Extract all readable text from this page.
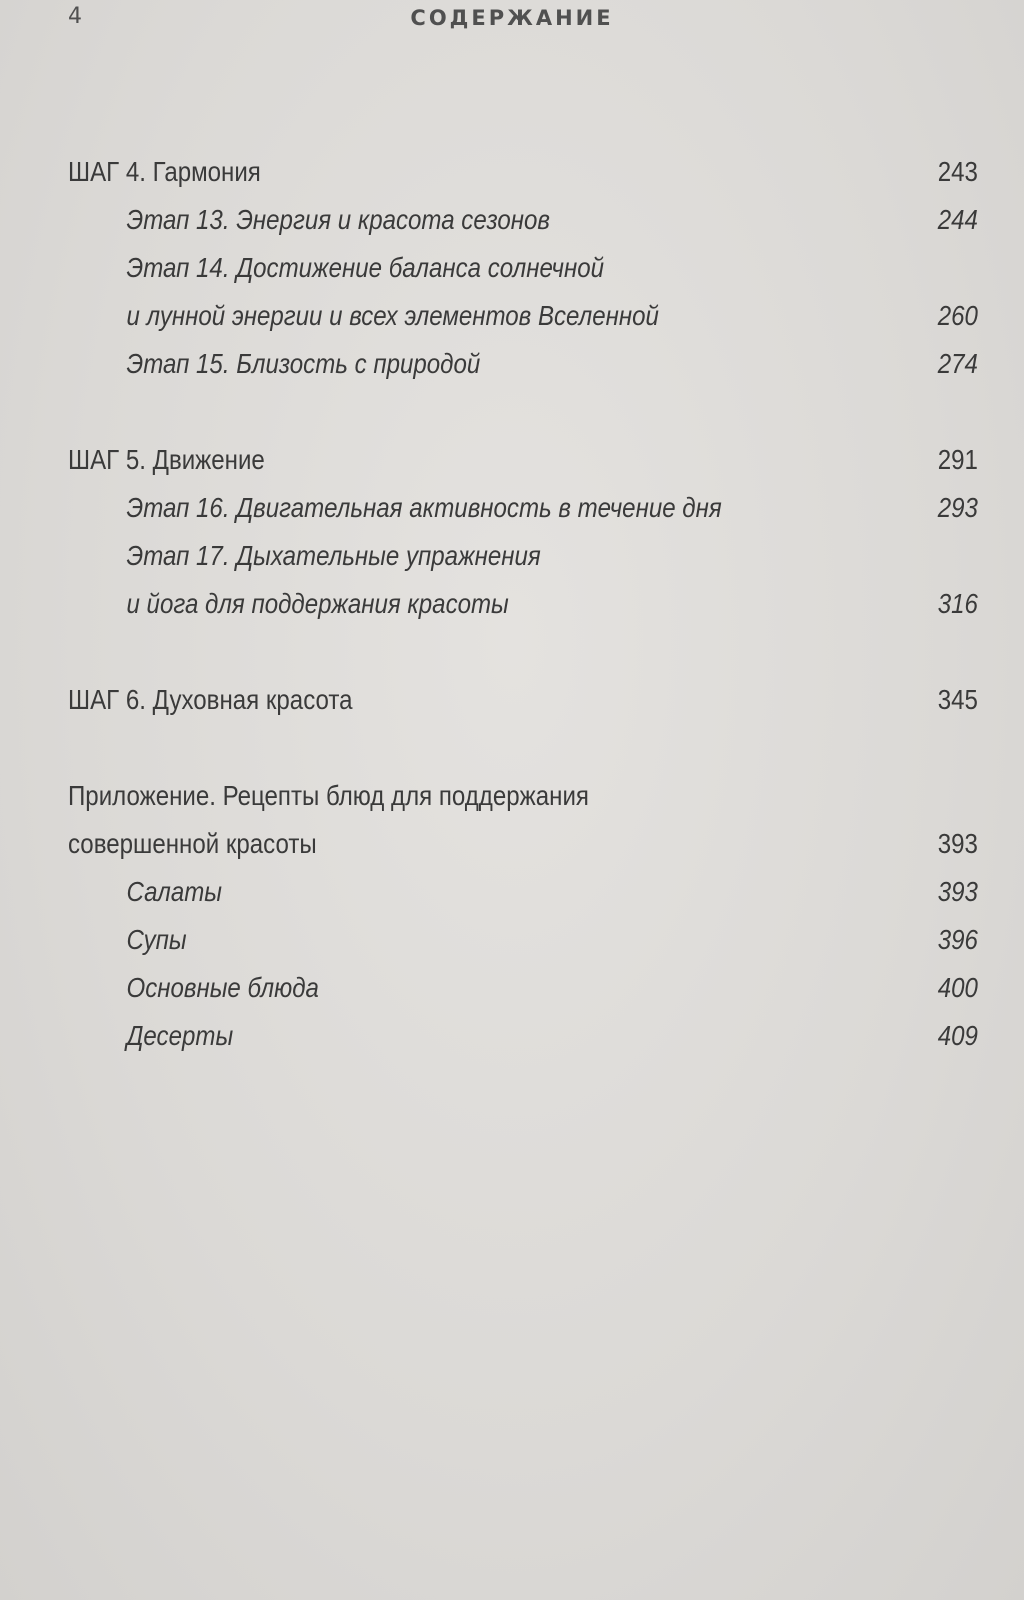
4	СОДЕРЖАНИЕ
ШАГ 4. Гармония	243
Этап 13. Энергия и красота сезонов	244
Этап 14. Достижение баланса солнечной
и лунной энергии и всех элементов Вселенной	260
Этап 15. Близость с природой	274
ШАГ 5. Движение	291
Этап 16. Двигательная активность в течение дня	293
Этап 17. Дыхательные упражнения
и йога для поддержания красоты	316
ШАГ 6. Духовная красота	345
Приложение. Рецепты блюд для поддержания
совершенной красоты	393
Салаты	393
Супы	396
Основные блюда	400
Десерты	409
